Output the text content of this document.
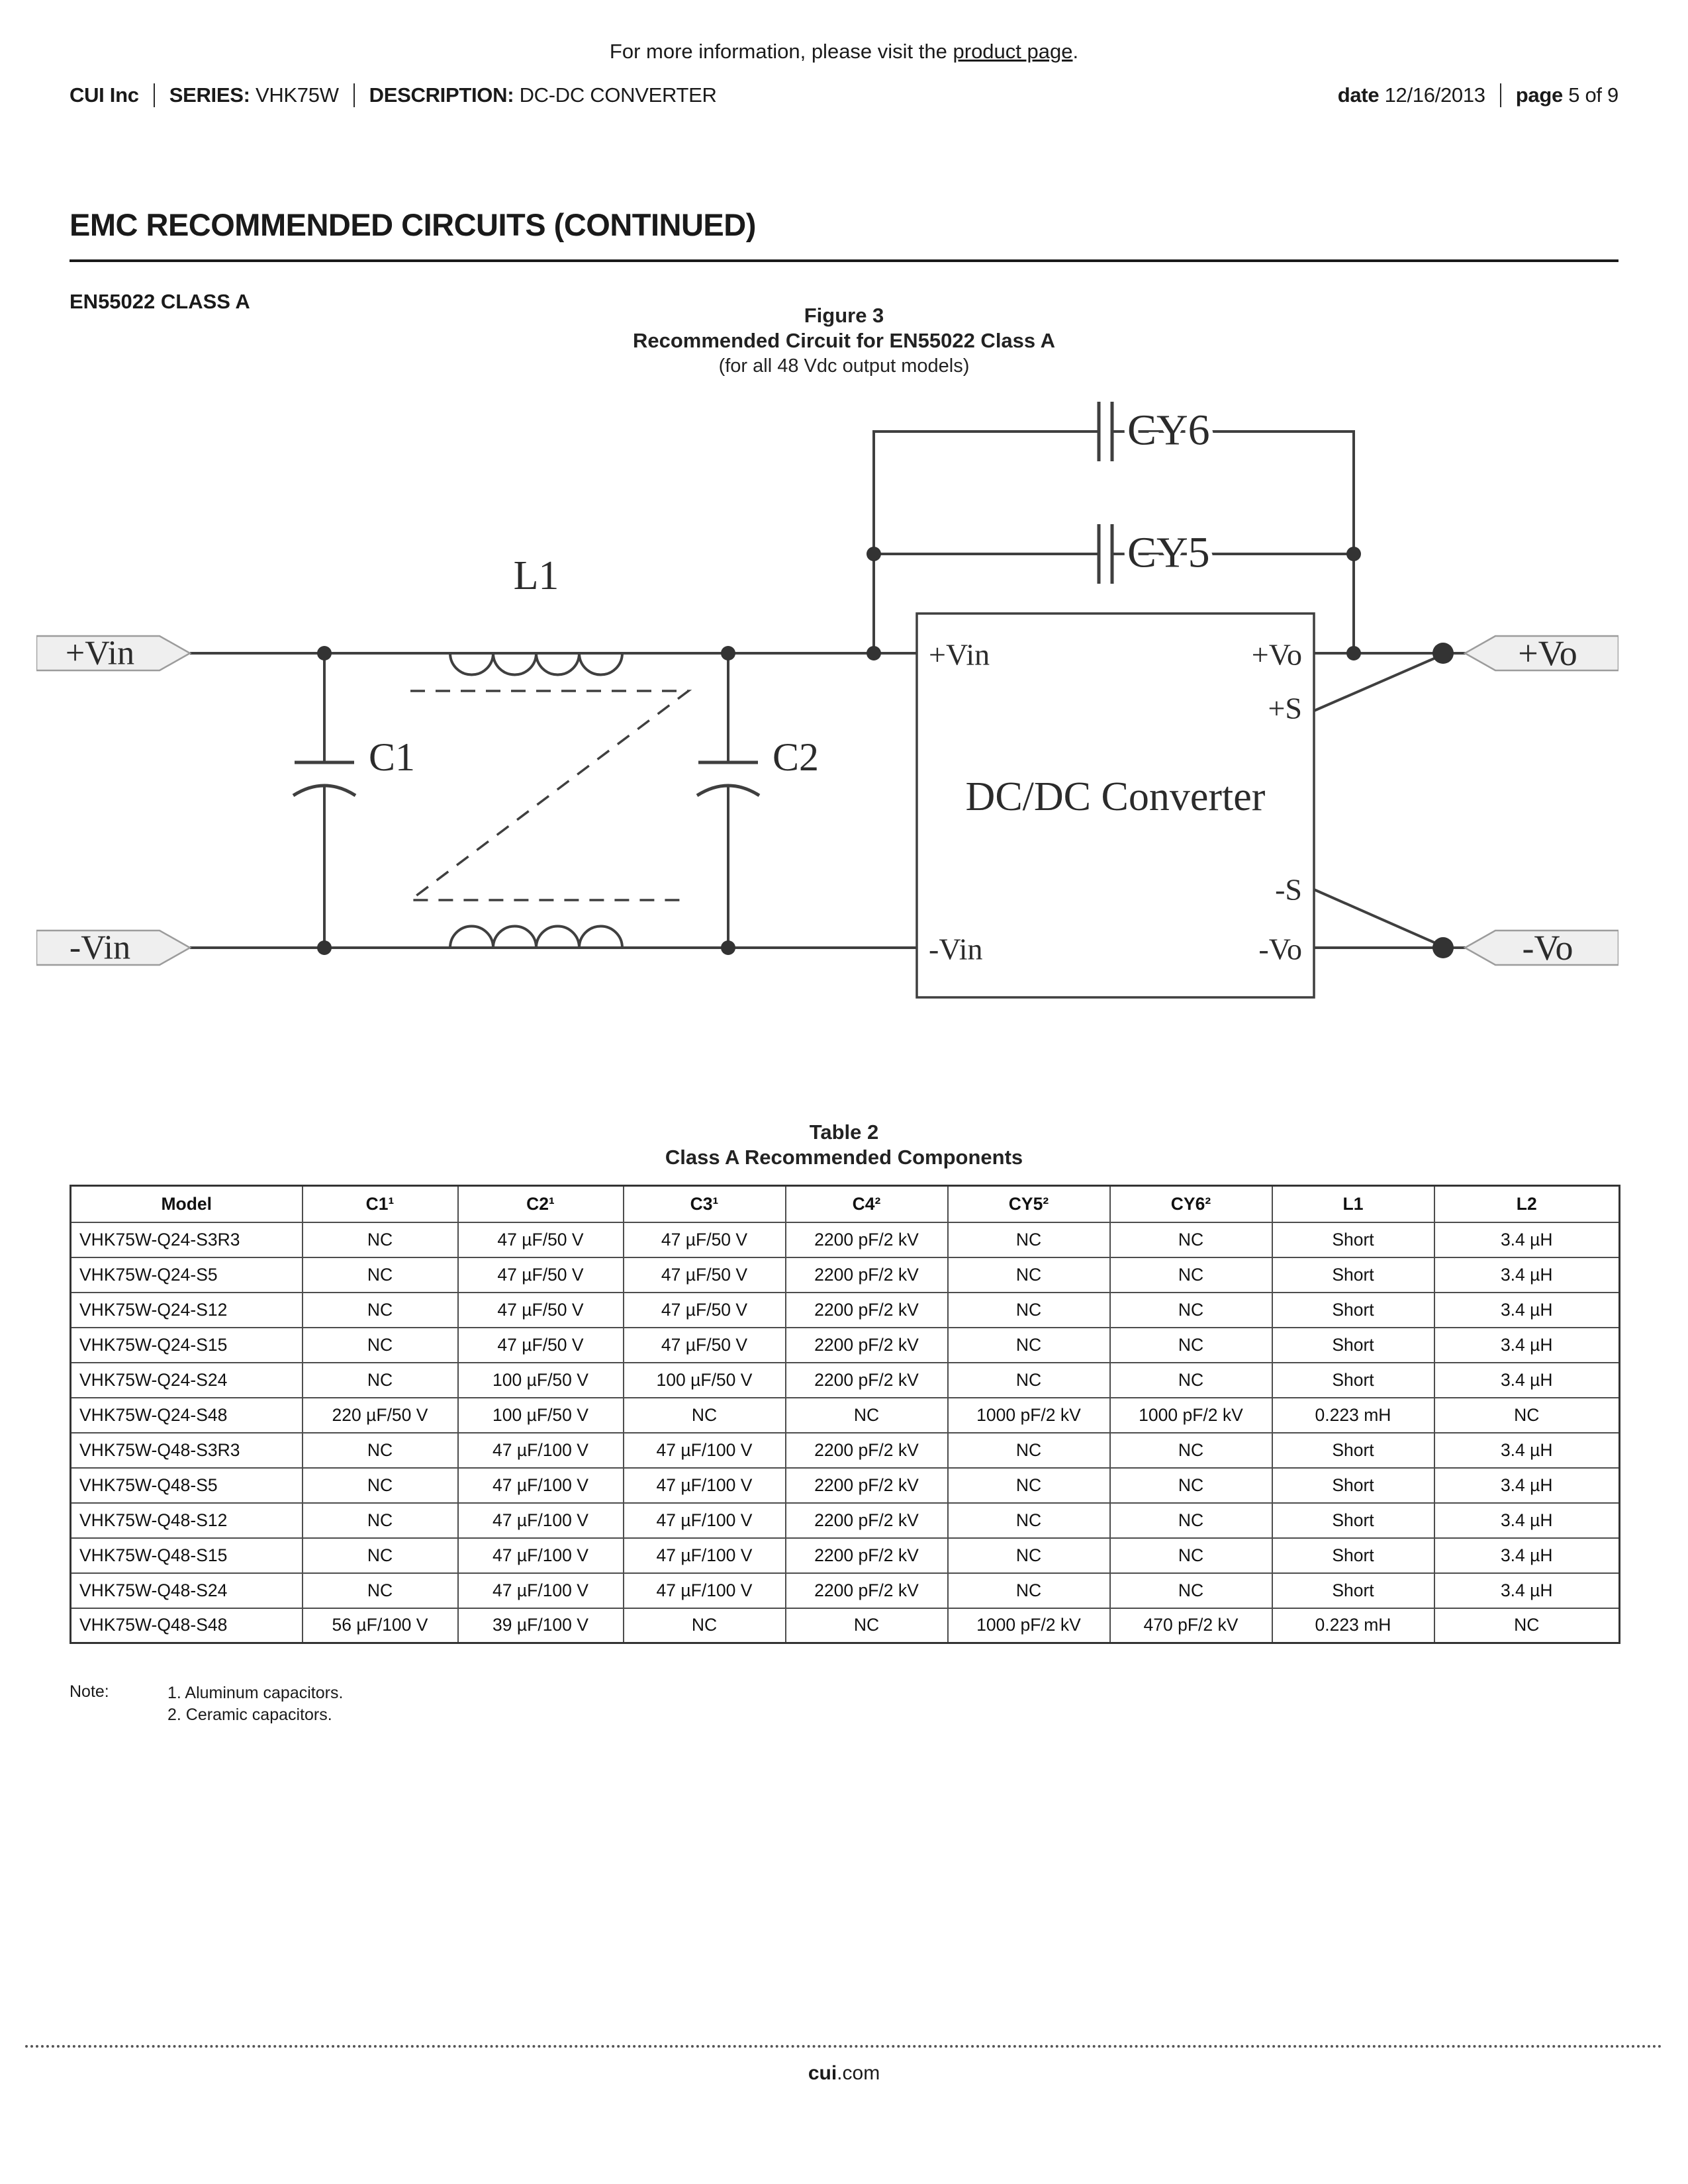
For more information, please visit the product page.
CUI Inc SERIES: VHK75W DESCRIPTION: DC-DC CONVERTER	date 12/16/2013 page 5 of 9
EMC RECOMMENDED CIRCUITS (CONTINUED)
EN55022 CLASS A
Figure 3
Recommended Circuit for EN55022 Class A
(for all 48 Vdc output models)
+Vin
-Vin
+Vo
-Vo
L1
C1	C2
CY6
CY5
+Vin
-Vin
+Vo
+S
-S
-Vo
DC/DC Converter
Table 2
Class A Recommended Components
Model	C1¹	C2¹	C3¹	C4²	CY5²	CY6²	L1	L2
VHK75W-Q24-S3R3	NC	47 µF/50 V	47 µF/50 V	2200 pF/2 kV	NC	NC	Short	3.4 µH
VHK75W-Q24-S5	NC	47 µF/50 V	47 µF/50 V	2200 pF/2 kV	NC	NC	Short	3.4 µH
VHK75W-Q24-S12	NC	47 µF/50 V	47 µF/50 V	2200 pF/2 kV	NC	NC	Short	3.4 µH
VHK75W-Q24-S15	NC	47 µF/50 V	47 µF/50 V	2200 pF/2 kV	NC	NC	Short	3.4 µH
VHK75W-Q24-S24	NC	100 µF/50 V	100 µF/50 V	2200 pF/2 kV	NC	NC	Short	3.4 µH
VHK75W-Q24-S48	220 µF/50 V	100 µF/50 V	NC	NC	1000 pF/2 kV	1000 pF/2 kV	0.223 mH	NC
VHK75W-Q48-S3R3	NC	47 µF/100 V	47 µF/100 V	2200 pF/2 kV	NC	NC	Short	3.4 µH
VHK75W-Q48-S5	NC	47 µF/100 V	47 µF/100 V	2200 pF/2 kV	NC	NC	Short	3.4 µH
VHK75W-Q48-S12	NC	47 µF/100 V	47 µF/100 V	2200 pF/2 kV	NC	NC	Short	3.4 µH
VHK75W-Q48-S15	NC	47 µF/100 V	47 µF/100 V	2200 pF/2 kV	NC	NC	Short	3.4 µH
VHK75W-Q48-S24	NC	47 µF/100 V	47 µF/100 V	2200 pF/2 kV	NC	NC	Short	3.4 µH
VHK75W-Q48-S48	56 µF/100 V	39 µF/100 V	NC	NC	1000 pF/2 kV	470 pF/2 kV	0.223 mH	NC
Note:	1. Aluminum capacitors.
2. Ceramic capacitors.
cui.com
